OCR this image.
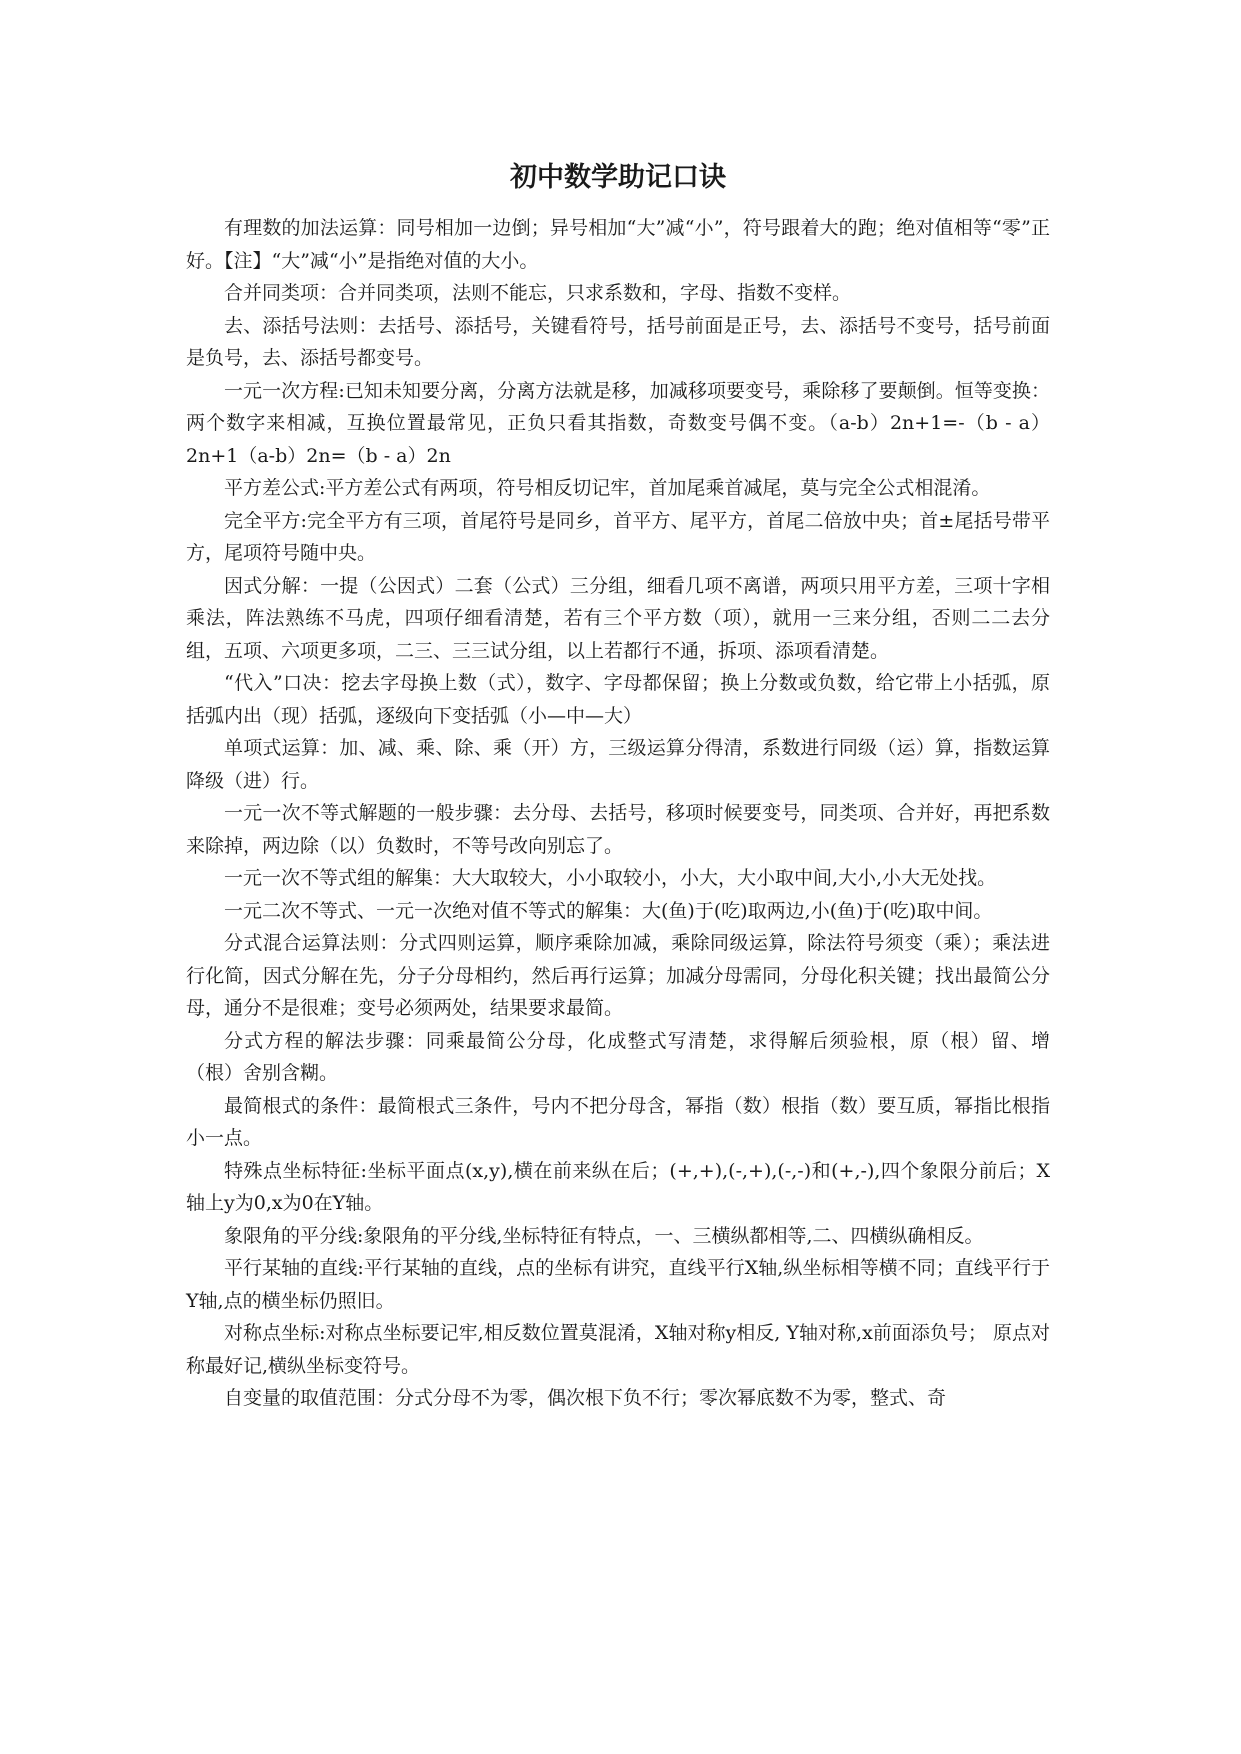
初中数学助记口诀

有理数的加法运算：同号相加一边倒；异号相加“大”减“小”，符号跟着大的跑；绝对值相等“零”正好。【注】“大”减“小”是指绝对值的大小。

合并同类项：合并同类项，法则不能忘，只求系数和，字母、指数不变样。

去、添括号法则：去括号、添括号，关键看符号，括号前面是正号，去、添括号不变号，括号前面是负号，去、添括号都变号。

一元一次方程:已知未知要分离，分离方法就是移，加减移项要变号，乘除移了要颠倒。恒等变换：两个数字来相减，互换位置最常见，正负只看其指数，奇数变号偶不变。（a-b）2n+1=-（b - a）2n+1（a-b）2n=（b - a）2n

平方差公式:平方差公式有两项，符号相反切记牢，首加尾乘首减尾，莫与完全公式相混淆。

完全平方:完全平方有三项，首尾符号是同乡，首平方、尾平方，首尾二倍放中央；首±尾括号带平方，尾项符号随中央。

因式分解：一提（公因式）二套（公式）三分组，细看几项不离谱，两项只用平方差，三项十字相乘法，阵法熟练不马虎，四项仔细看清楚，若有三个平方数（项），就用一三来分组，否则二二去分组，五项、六项更多项，二三、三三试分组，以上若都行不通，拆项、添项看清楚。

“代入”口决：挖去字母换上数（式），数字、字母都保留；换上分数或负数，给它带上小括弧，原括弧内出（现）括弧，逐级向下变括弧（小—中—大）

单项式运算：加、减、乘、除、乘（开）方，三级运算分得清，系数进行同级（运）算，指数运算降级（进）行。

一元一次不等式解题的一般步骤：去分母、去括号，移项时候要变号，同类项、合并好，再把系数来除掉，两边除（以）负数时，不等号改向别忘了。

一元一次不等式组的解集：大大取较大，小小取较小，小大，大小取中间,大小,小大无处找。

一元二次不等式、一元一次绝对值不等式的解集：大(鱼)于(吃)取两边,小(鱼)于(吃)取中间。

分式混合运算法则：分式四则运算，顺序乘除加减，乘除同级运算，除法符号须变（乘）；乘法进行化简，因式分解在先，分子分母相约，然后再行运算；加减分母需同，分母化积关键；找出最简公分母，通分不是很难；变号必须两处，结果要求最简。

分式方程的解法步骤：同乘最简公分母，化成整式写清楚，求得解后须验根，原（根）留、增（根）舍别含糊。

最简根式的条件：最简根式三条件，号内不把分母含，幂指（数）根指（数）要互质，幂指比根指小一点。

特殊点坐标特征:坐标平面点(x,y),横在前来纵在后；(+,+),(-,+),(-,-)和(+,-),四个象限分前后；X轴上y为0,x为0在Y轴。

象限角的平分线:象限角的平分线,坐标特征有特点，一、三横纵都相等,二、四横纵确相反。

平行某轴的直线:平行某轴的直线，点的坐标有讲究，直线平行X轴,纵坐标相等横不同；直线平行于Y轴,点的横坐标仍照旧。

对称点坐标:对称点坐标要记牢,相反数位置莫混淆，X轴对称y相反, Y轴对称,x前面添负号； 原点对称最好记,横纵坐标变符号。

自变量的取值范围：分式分母不为零，偶次根下负不行；零次幂底数不为零，整式、奇
